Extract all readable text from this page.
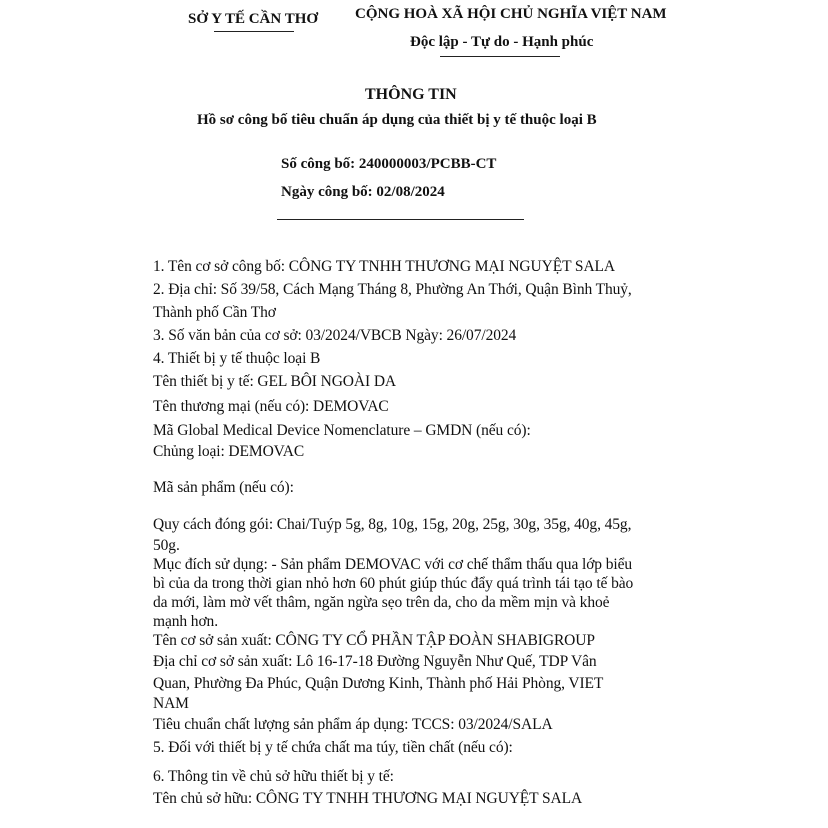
SỞ Y TẾ CẦN THƠ CỘNG HOÀ XÃ HỘI CHỦ NGHĨA VIỆT NAM
Độc lập - Tự do - Hạnh phúc
THÔNG TIN
Hồ sơ công bố tiêu chuẩn áp dụng của thiết bị y tế thuộc loại B
Số công bố: 240000003/PCBB-CT
Ngày công bố: 02/08/2024
1. Tên cơ sở công bố: CÔNG TY TNHH THƯƠNG MẠI NGUYỆT SALA
2. Địa chỉ: Số 39/58, Cách Mạng Tháng 8, Phường An Thới, Quận Bình Thuỷ,
Thành phố Cần Thơ
3. Số văn bản của cơ sở: 03/2024/VBCB Ngày: 26/07/2024
4. Thiết bị y tế thuộc loại B
Tên thiết bị y tế: GEL BÔI NGOÀI DA
Tên thương mại (nếu có): DEMOVAC
Mã Global Medical Device Nomenclature – GMDN (nếu có):
Chủng loại: DEMOVAC
Mã sản phẩm (nếu có):
Quy cách đóng gói: Chai/Tuýp 5g, 8g, 10g, 15g, 20g, 25g, 30g, 35g, 40g, 45g,
50g.
Mục đích sử dụng: - Sản phẩm DEMOVAC với cơ chế thẩm thấu qua lớp biểu
bì của da trong thời gian nhỏ hơn 60 phút giúp thúc đẩy quá trình tái tạo tế bào
da mới, làm mờ vết thâm, ngăn ngừa sẹo trên da, cho da mềm mịn và khoẻ
mạnh hơn.
Tên cơ sở sản xuất: CÔNG TY CỔ PHẦN TẬP ĐOÀN SHABIGROUP
Địa chỉ cơ sở sản xuất: Lô 16-17-18 Đường Nguyễn Như Quế, TDP Vân
Quan, Phường Đa Phúc, Quận Dương Kinh, Thành phố Hải Phòng, VIET
NAM
Tiêu chuẩn chất lượng sản phẩm áp dụng: TCCS: 03/2024/SALA
5. Đối với thiết bị y tế chứa chất ma túy, tiền chất (nếu có):
6. Thông tin về chủ sở hữu thiết bị y tế:
Tên chủ sở hữu: CÔNG TY TNHH THƯƠNG MẠI NGUYỆT SALA
